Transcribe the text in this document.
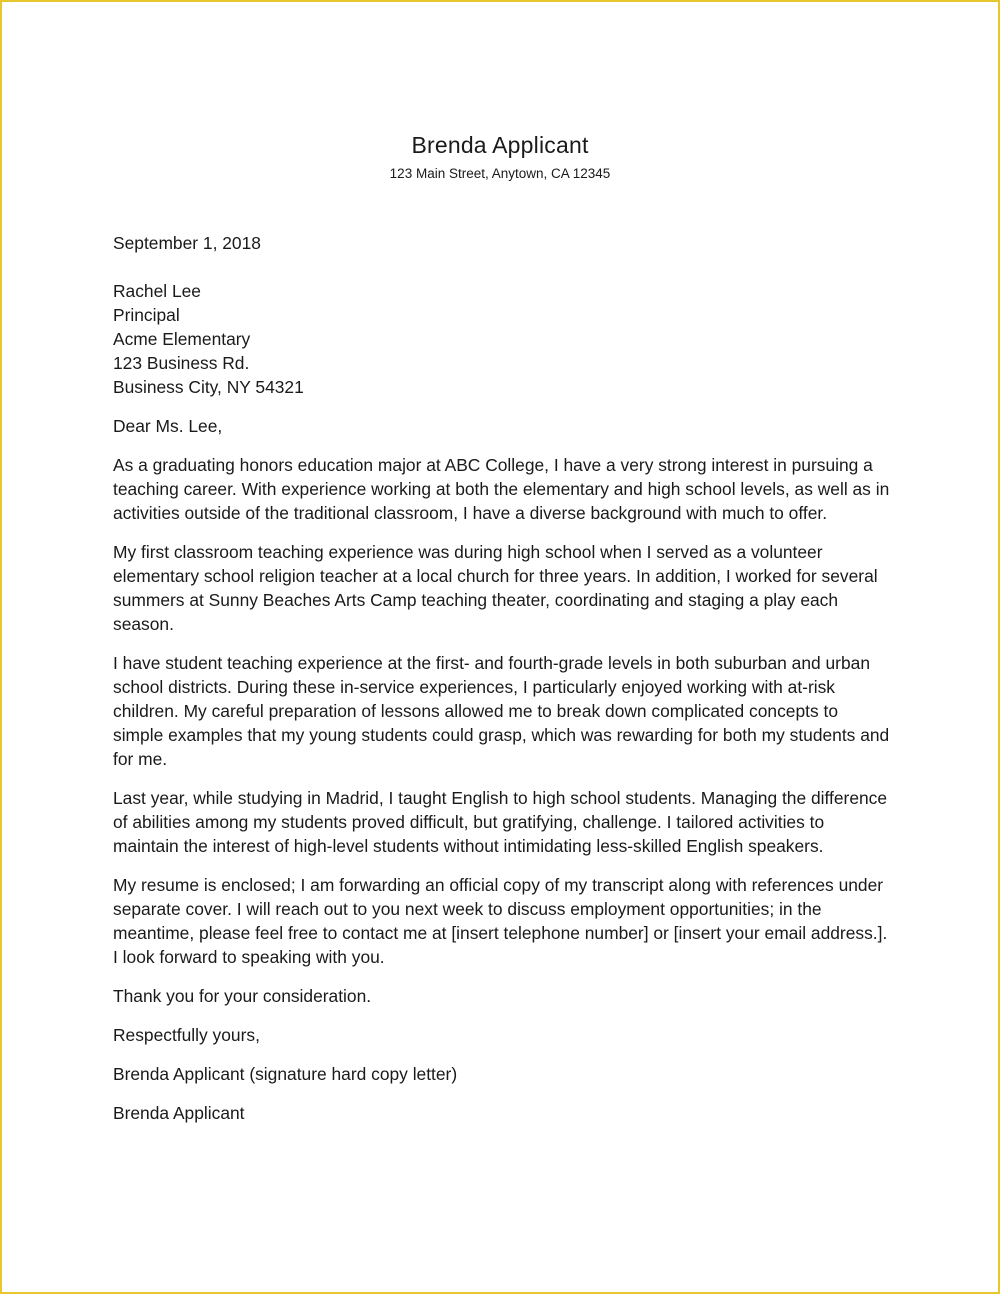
Brenda Applicant
123 Main Street, Anytown, CA 12345
September 1, 2018
Rachel Lee
Principal
Acme Elementary
123 Business Rd.
Business City, NY 54321
Dear Ms. Lee,
As a graduating honors education major at ABC College, I have a very strong interest in pursuing a teaching career. With experience working at both the elementary and high school levels, as well as in activities outside of the traditional classroom, I have a diverse background with much to offer.
My first classroom teaching experience was during high school when I served as a volunteer elementary school religion teacher at a local church for three years. In addition, I worked for several summers at Sunny Beaches Arts Camp teaching theater, coordinating and staging a play each season.
I have student teaching experience at the first- and fourth-grade levels in both suburban and urban school districts. During these in-service experiences, I particularly enjoyed working with at-risk children. My careful preparation of lessons allowed me to break down complicated concepts to simple examples that my young students could grasp, which was rewarding for both my students and for me.
Last year, while studying in Madrid, I taught English to high school students. Managing the difference of abilities among my students proved difficult, but gratifying, challenge. I tailored activities to maintain the interest of high-level students without intimidating less-skilled English speakers.
My resume is enclosed; I am forwarding an official copy of my transcript along with references under separate cover. I will reach out to you next week to discuss employment opportunities; in the meantime, please feel free to contact me at [insert telephone number] or [insert your email address.]. I look forward to speaking with you.
Thank you for your consideration.
Respectfully yours,
Brenda Applicant (signature hard copy letter)
Brenda Applicant
